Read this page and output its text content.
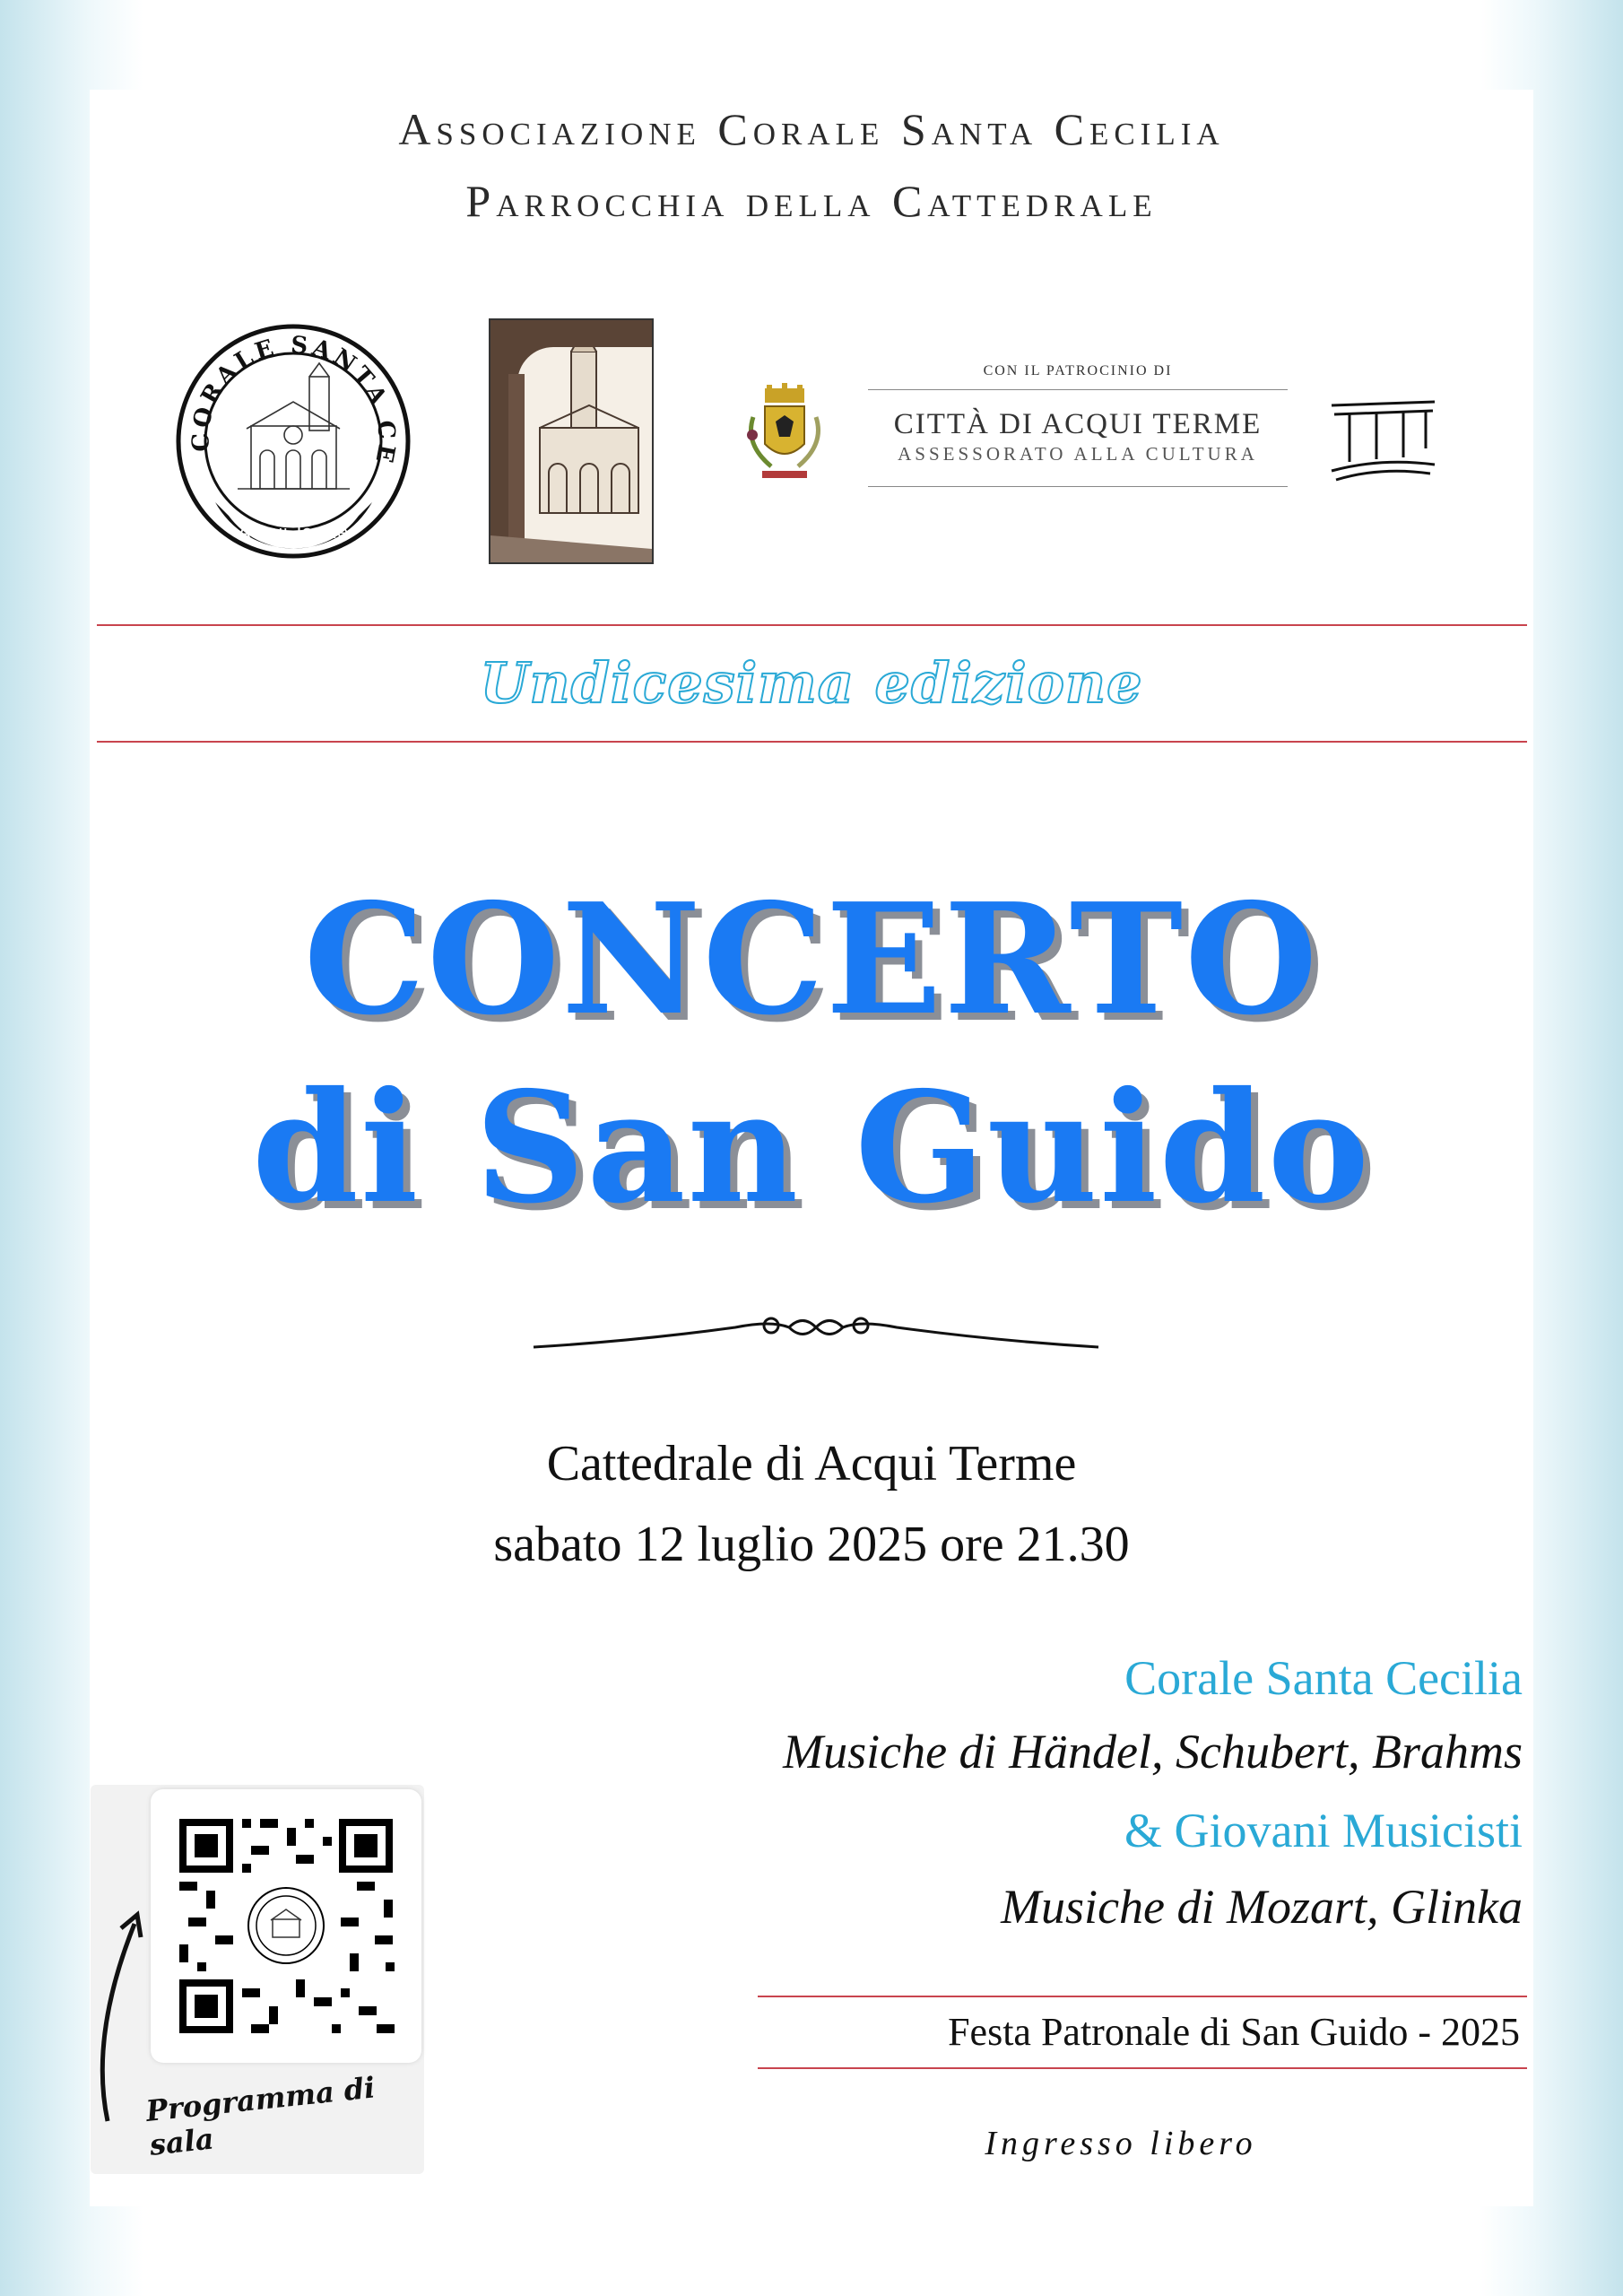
Associazione Corale Santa Cecilia
Parrocchia della Cattedrale
CORALE SANTA CE
Acqui Terme
CON IL PATROCINIO DI
CITTÀ DI ACQUI TERME
ASSESSORATO ALLA CULTURA
Undicesima edizione
CONCERTO
di San Guido
Cattedrale di Acqui Terme
sabato 12 luglio 2025 ore 21.30
Corale Santa Cecilia
Musiche di Händel, Schubert, Brahms
& Giovani Musicisti
Musiche di Mozart, Glinka
Festa Patronale di San Guido - 2025
Ingresso libero
Programma di sala
